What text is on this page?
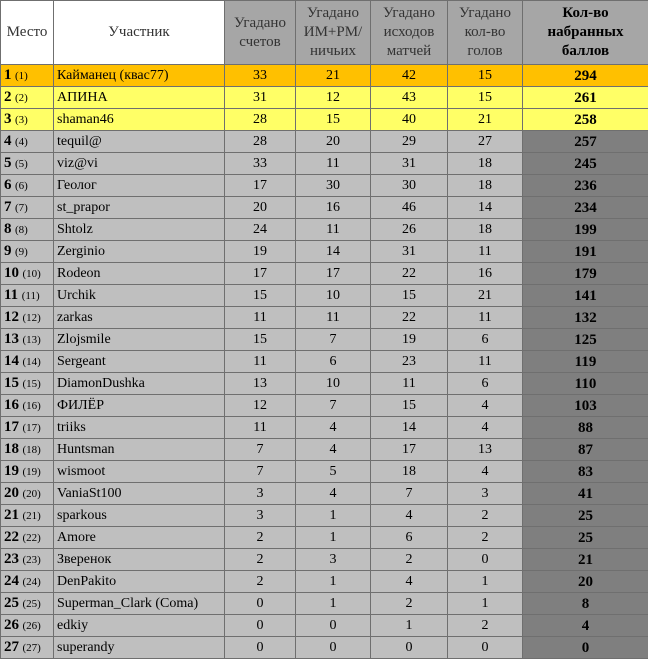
Место	Участник	Угадано счетов	Угадано ИМ+РМ/ ничьих	Угадано исходов матчей	Угадано кол-во голов	Кол-во набранных баллов

1 (1)	Кайманец (квас77)	33	21	42	15	294
2 (2)	АПИНА	31	12	43	15	261
3 (3)	shaman46	28	15	40	21	258
4 (4)	tequil@	28	20	29	27	257
5 (5)	viz@vi	33	11	31	18	245
6 (6)	Геолог	17	30	30	18	236
7 (7)	st_prapor	20	16	46	14	234
8 (8)	Shtolz	24	11	26	18	199
9 (9)	Zerginio	19	14	31	11	191
10 (10)	Rodeon	17	17	22	16	179
11 (11)	Urchik	15	10	15	21	141
12 (12)	zarkas	11	11	22	11	132
13 (13)	Zlojsmile	15	7	19	6	125
14 (14)	Sergeant	11	6	23	11	119
15 (15)	DiamonDushka	13	10	11	6	110
16 (16)	ФИЛЁР	12	7	15	4	103
17 (17)	triiks	11	4	14	4	88
18 (18)	Huntsman	7	4	17	13	87
19 (19)	wismoot	7	5	18	4	83
20 (20)	VaniaSt100	3	4	7	3	41
21 (21)	sparkous	3	1	4	2	25
22 (22)	Amore	2	1	6	2	25
23 (23)	Зверенок	2	3	2	0	21
24 (24)	DenPakito	2	1	4	1	20
25 (25)	Superman_Clark (Coma)	0	1	2	1	8
26 (26)	edkiy	0	0	1	2	4
27 (27)	superandy	0	0	0	0	0
